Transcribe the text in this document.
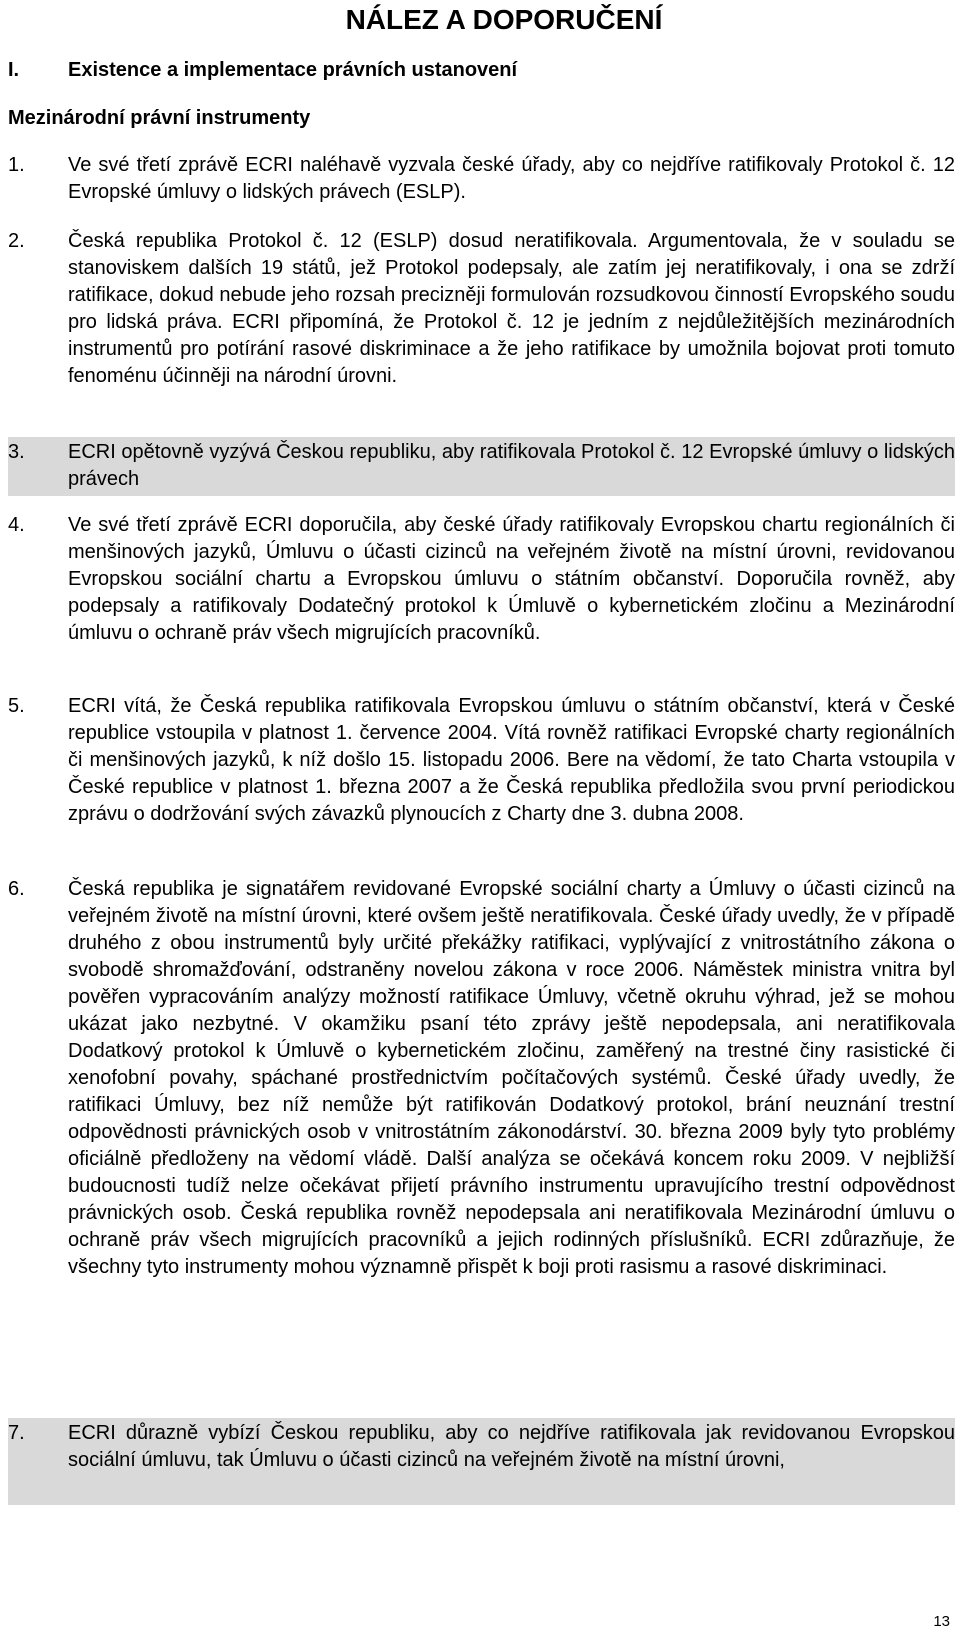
NÁLEZ A DOPORUČENÍ
I. Existence a implementace právních ustanovení
Mezinárodní právní instrumenty
1. Ve své třetí zprávě ECRI naléhavě vyzvala české úřady, aby co nejdříve ratifikovaly Protokol č. 12 Evropské úmluvy o lidských právech (ESLP).
2. Česká republika Protokol č. 12 (ESLP) dosud neratifikovala. Argumentovala, že v souladu se stanoviskem dalších 19 států, jež Protokol podepsaly, ale zatím jej neratifikovaly, i ona se zdrží ratifikace, dokud nebude jeho rozsah precizněji formulován rozsudkovou činností Evropského soudu pro lidská práva. ECRI připomíná, že Protokol č. 12 je jedním z nejdůležitějších mezinárodních instrumentů pro potírání rasové diskriminace a že jeho ratifikace by umožnila bojovat proti tomuto fenoménu účinněji na národní úrovni.
3. ECRI opětovně vyzývá Českou republiku, aby ratifikovala Protokol č. 12 Evropské úmluvy o lidských právech
4. Ve své třetí zprávě ECRI doporučila, aby české úřady ratifikovaly Evropskou chartu regionálních či menšinových jazyků, Úmluvu o účasti cizinců na veřejném životě na místní úrovni, revidovanou Evropskou sociální chartu a Evropskou úmluvu o státním občanství. Doporučila rovněž, aby podepsaly a ratifikovaly Dodatečný protokol k Úmluvě o kybernetickém zločinu a Mezinárodní úmluvu o ochraně práv všech migrujících pracovníků.
5. ECRI vítá, že Česká republika ratifikovala Evropskou úmluvu o státním občanství, která v České republice vstoupila v platnost 1. července 2004. Vítá rovněž ratifikaci Evropské charty regionálních či menšinových jazyků, k níž došlo 15. listopadu 2006. Bere na vědomí, že tato Charta vstoupila v České republice v platnost 1. března 2007 a že Česká republika předložila svou první periodickou zprávu o dodržování svých závazků plynoucích z Charty dne 3. dubna 2008.
6. Česká republika je signatářem revidované Evropské sociální charty a Úmluvy o účasti cizinců na veřejném životě na místní úrovni, které ovšem ještě neratifikovala. České úřady uvedly, že v případě druhého z obou instrumentů byly určité překážky ratifikaci, vyplývající z vnitrostátního zákona o svobodě shromažďování, odstraněny novelou zákona v roce 2006. Náměstek ministra vnitra byl pověřen vypracováním analýzy možností ratifikace Úmluvy, včetně okruhu výhrad, jež se mohou ukázat jako nezbytné. V okamžiku psaní této zprávy ještě nepodepsala, ani neratifikovala Dodatkový protokol k Úmluvě o kybernetickém zločinu, zaměřený na trestné činy rasistické či xenofobní povahy, spáchané prostřednictvím počítačových systémů. České úřady uvedly, že ratifikaci Úmluvy, bez níž nemůže být ratifikován Dodatkový protokol, brání neuznání trestní odpovědnosti právnických osob v vnitrostátním zákonodárství. 30. března 2009 byly tyto problémy oficiálně předloženy na vědomí vládě. Další analýza se očekává koncem roku 2009. V nejbližší budoucnosti tudíž nelze očekávat přijetí právního instrumentu upravujícího trestní odpovědnost právnických osob. Česká republika rovněž nepodepsala ani neratifikovala Mezinárodní úmluvu o ochraně práv všech migrujících pracovníků a jejich rodinných příslušníků. ECRI zdůrazňuje, že všechny tyto instrumenty mohou významně přispět k boji proti rasismu a rasové diskriminaci.
7. ECRI důrazně vybízí Českou republiku, aby co nejdříve ratifikovala jak revidovanou Evropskou sociální úmluvu, tak Úmluvu o účasti cizinců na veřejném životě na místní úrovni,
13
